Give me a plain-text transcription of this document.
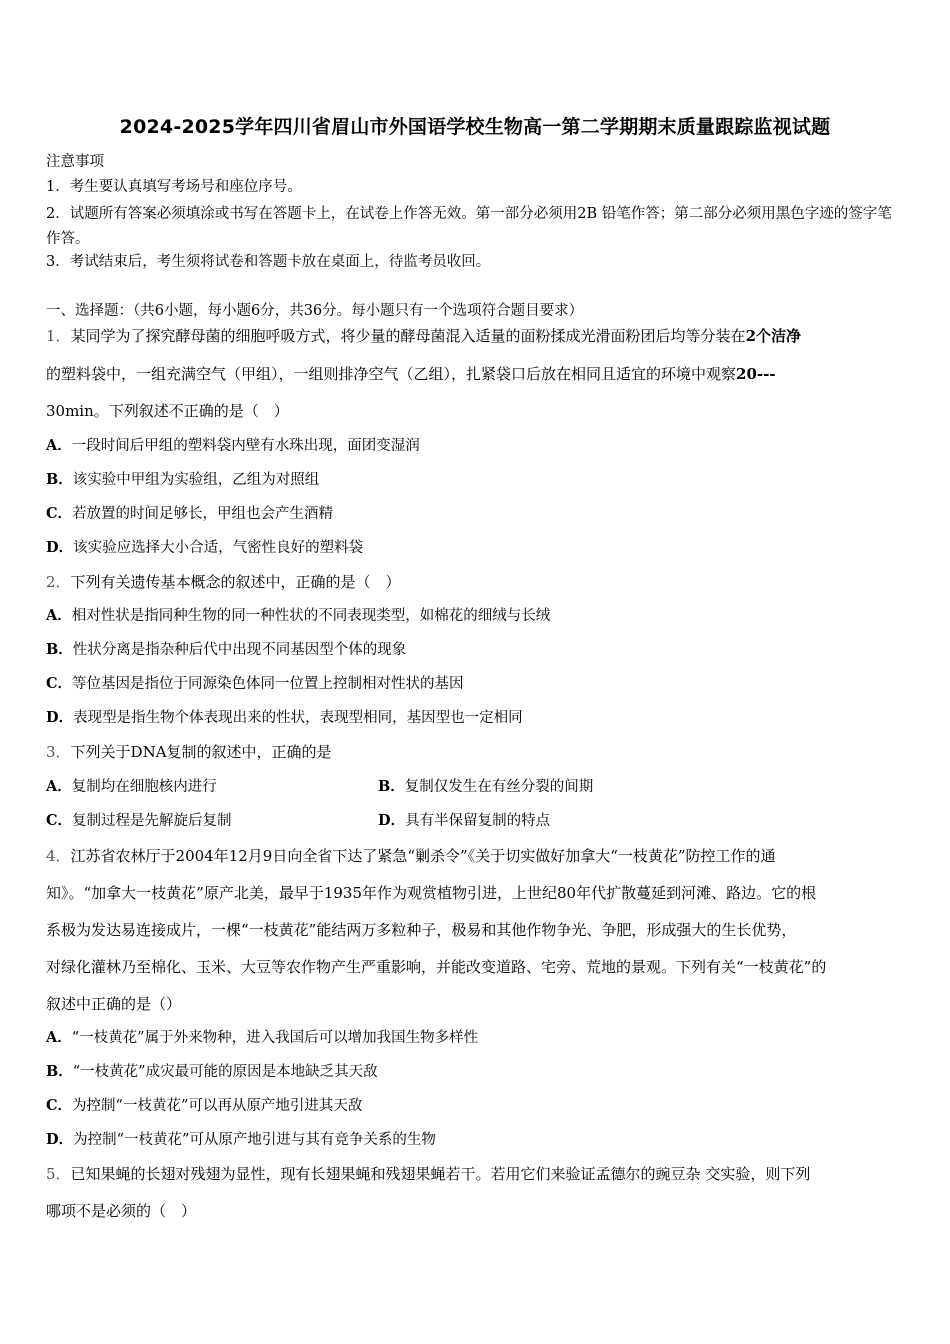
2024-2025学年四川省眉山市外国语学校生物高一第二学期期末质量跟踪监视试题
注意事项
1．考生要认真填写考场号和座位序号。
2．试题所有答案必须填涂或书写在答题卡上，在试卷上作答无效。第一部分必须用2B 铅笔作答；第二部分必须用黑色字迹的签字笔作答。
3．考试结束后，考生须将试卷和答题卡放在桌面上，待监考员收回。
一、选择题：（共6小题，每小题6分，共36分。每小题只有一个选项符合题目要求）
1．某同学为了探究酵母菌的细胞呼吸方式，将少量的酵母菌混入适量的面粉揉成光滑面粉团后均等分装在2个洁净
的塑料袋中，一组充满空气（甲组），一组则排净空气（乙组），扎紧袋口后放在相同且适宜的环境中观察20---
30min。下列叙述不正确的是（　）
A．一段时间后甲组的塑料袋内壁有水珠出现，面团变湿润
B．该实验中甲组为实验组，乙组为对照组
C．若放置的时间足够长，甲组也会产生酒精
D．该实验应选择大小合适，气密性良好的塑料袋
2．下列有关遗传基本概念的叙述中，正确的是（　）
A．相对性状是指同种生物的同一种性状的不同表现类型，如棉花的细绒与长绒
B．性状分离是指杂种后代中出现不同基因型个体的现象
C．等位基因是指位于同源染色体同一位置上控制相对性状的基因
D．表现型是指生物个体表现出来的性状，表现型相同，基因型也一定相同
3．下列关于DNA复制的叙述中，正确的是
A．复制均在细胞核内进行	B．复制仅发生在有丝分裂的间期
C．复制过程是先解旋后复制	D．具有半保留复制的特点
4．江苏省农林厅于2004年12月9日向全省下达了紧急“剿杀令”《关于切实做好加拿大“一枝黄花”防控工作的通
知》。“加拿大一枝黄花”原产北美，最早于1935年作为观赏植物引进，上世纪80年代扩散蔓延到河滩、路边。它的根
系极为发达易连接成片，一棵“一枝黄花”能结两万多粒种子，极易和其他作物争光、争肥，形成强大的生长优势，
对绿化灌林乃至棉化、玉米、大豆等农作物产生严重影响，并能改变道路、宅旁、荒地的景观。下列有关“一枝黄花”的
叙述中正确的是（）
A．“一枝黄花”属于外来物种，进入我国后可以增加我国生物多样性
B．“一枝黄花”成灾最可能的原因是本地缺乏其天敌
C．为控制“一枝黄花”可以再从原产地引进其天敌
D．为控制“一枝黄花”可从原产地引进与其有竞争关系的生物
5．已知果蝇的长翅对残翅为显性，现有长翅果蝇和残翅果蝇若干。若用它们来验证孟德尔的豌豆杂 交实验，则下列
哪项不是必须的（　）
